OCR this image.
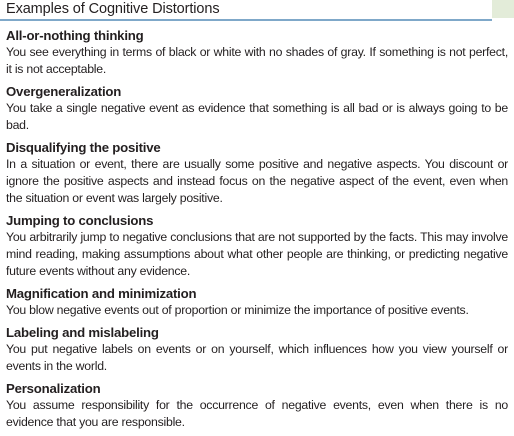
Examples of Cognitive Distortions
All-or-nothing thinking
You see everything in terms of black or white with no shades of gray. If something is not perfect, it is not acceptable.
Overgeneralization
You take a single negative event as evidence that something is all bad or is always going to be bad.
Disqualifying the positive
In a situation or event, there are usually some positive and negative aspects. You discount or ignore the positive aspects and instead focus on the negative aspect of the event, even when the situation or event was largely positive.
Jumping to conclusions
You arbitrarily jump to negative conclusions that are not supported by the facts. This may involve mind reading, making assumptions about what other people are thinking, or predicting negative future events without any evidence.
Magnification and minimization
You blow negative events out of proportion or minimize the importance of positive events.
Labeling and mislabeling
You put negative labels on events or on yourself, which influences how you view yourself or events in the world.
Personalization
You assume responsibility for the occurrence of negative events, even when there is no evidence that you are responsible.
